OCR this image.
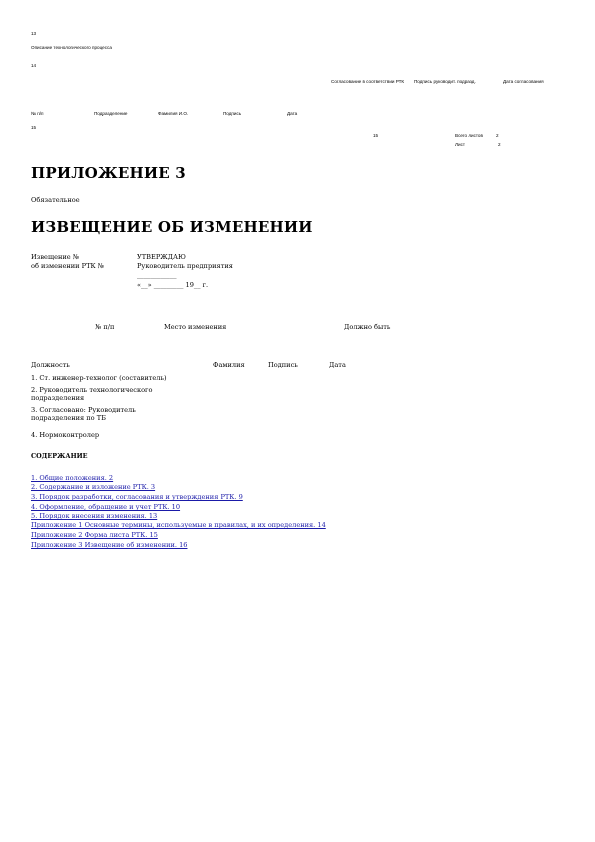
13
Описание технологического процесса
14
Согласование в соответствии РТК	Подпись руководит. подразд.	Дата согласования
№ п/п	Подразделение	Фамилия И.О.	Подпись	Дата
15
15	Всего листов	2
Лист	2
ПРИЛОЖЕНИЕ 3
Обязательное
ИЗВЕЩЕНИЕ ОБ ИЗМЕНЕНИИ
Извещение №
об изменении РТК №
УТВЕРЖДАЮ
Руководитель предприятия
____________
«__» _________ 19__ г.
№ п/п	Место изменения	Должно быть
Должность	Фамилия	Подпись	Дата
1. Ст. инженер-технолог (составитель)
2. Руководитель технологического подразделения
3. Согласовано: Руководитель подразделения по ТБ
4. Нормоконтролер
СОДЕРЖАНИЕ
1. Общие положения. 2
2. Содержание и изложение РТК. 3
3. Порядок разработки, согласования и утверждения РТК. 9
4. Оформление, обращение и учет РТК. 10
5. Порядок внесения изменения. 13
Приложение 1 Основные термины, используемые в правилах, и их определения. 14
Приложение 2 Форма листа РТК. 15
Приложение 3 Извещение об изменении. 16
